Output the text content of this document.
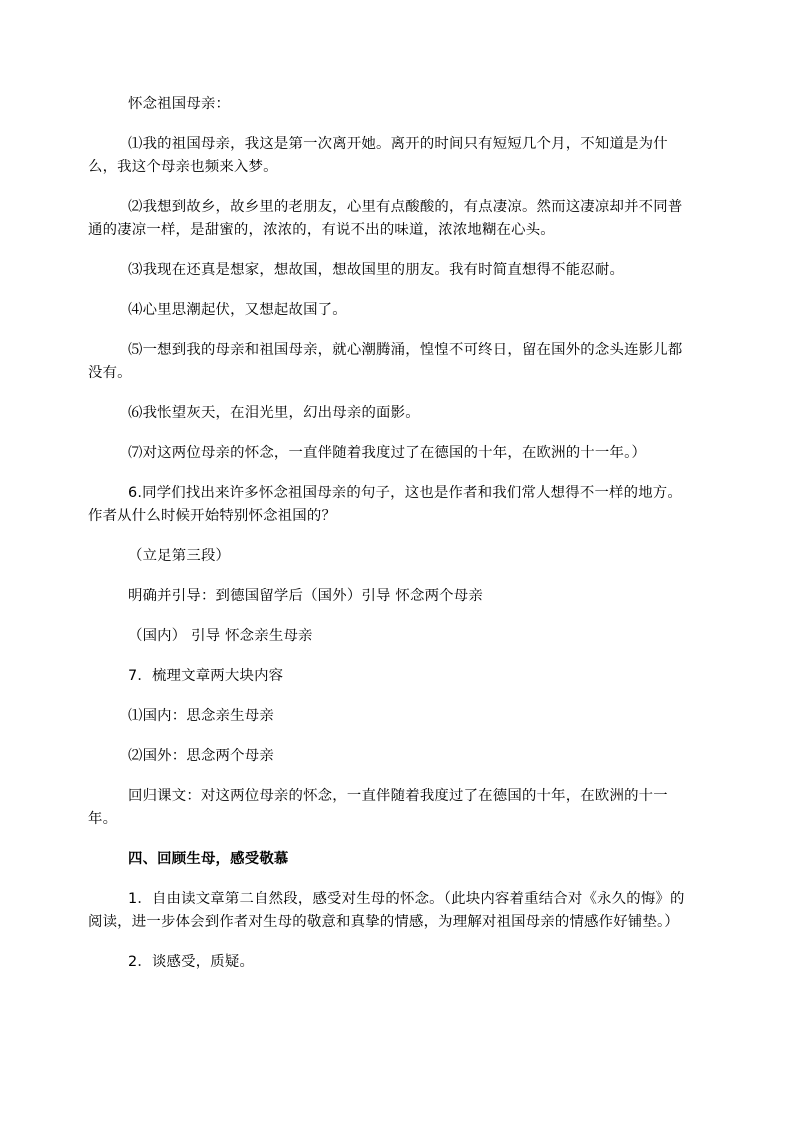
怀念祖国母亲：

⑴我的祖国母亲，我这是第一次离开她。离开的时间只有短短几个月，不知道是为什么，我这个母亲也频来入梦。

⑵我想到故乡，故乡里的老朋友，心里有点酸酸的，有点凄凉。然而这凄凉却并不同普通的凄凉一样，是甜蜜的，浓浓的，有说不出的味道，浓浓地糊在心头。

⑶我现在还真是想家，想故国，想故国里的朋友。我有时简直想得不能忍耐。

⑷心里思潮起伏，又想起故国了。

⑸一想到我的母亲和祖国母亲，就心潮腾涌，惶惶不可终日，留在国外的念头连影儿都没有。

⑹我怅望灰天，在泪光里，幻出母亲的面影。

⑺对这两位母亲的怀念，一直伴随着我度过了在德国的十年，在欧洲的十一年。）

6.同学们找出来许多怀念祖国母亲的句子，这也是作者和我们常人想得不一样的地方。作者从什么时候开始特别怀念祖国的？

（立足第三段）

明确并引导：到德国留学后（国外）引导 怀念两个母亲

（国内） 引导 怀念亲生母亲

7．梳理文章两大块内容

⑴国内：思念亲生母亲

⑵国外：思念两个母亲

回归课文：对这两位母亲的怀念，一直伴随着我度过了在德国的十年，在欧洲的十一年。

四、回顾生母，感受敬慕

1．自由读文章第二自然段，感受对生母的怀念。（此块内容着重结合对《永久的悔》的阅读，进一步体会到作者对生母的敬意和真挚的情感，为理解对祖国母亲的情感作好铺垫。）

2．谈感受，质疑。
